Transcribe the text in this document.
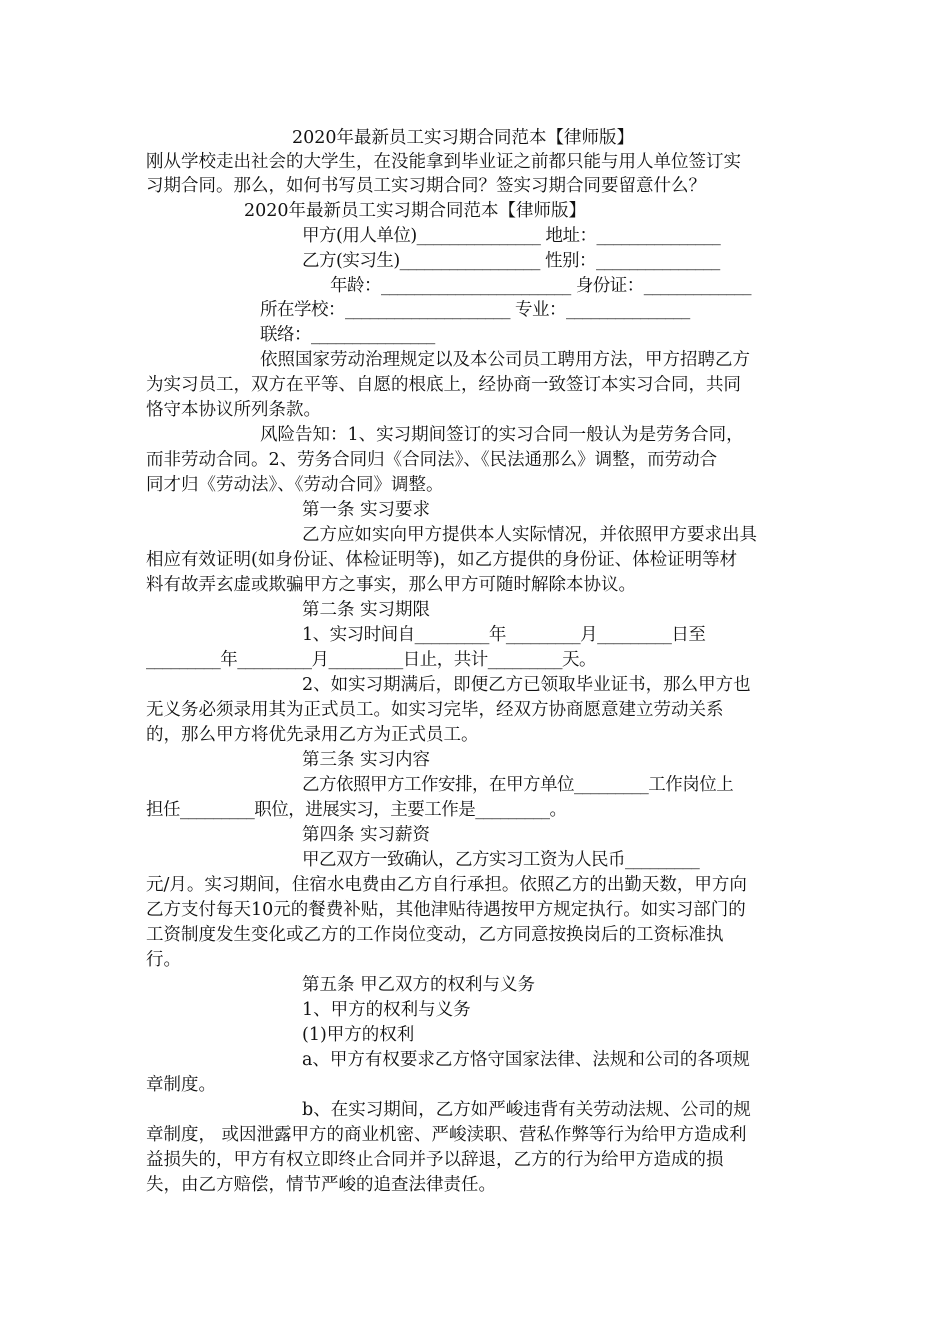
2020年最新员工实习期合同范本【律师版】
刚从学校走出社会的大学生，在没能拿到毕业证之前都只能与用人单位签订实
习期合同。那么，如何书写员工实习期合同？签实习期合同要留意什么？
2020年最新员工实习期合同范本【律师版】
甲方(用人单位)_______________ 地址：_______________
乙方(实习生)_________________ 性别：_______________
年龄：_______________________ 身份证：_____________
所在学校：____________________ 专业：_______________
联络：_______________
依照国家劳动治理规定以及本公司员工聘用方法，甲方招聘乙方
为实习员工，双方在平等、自愿的根底上，经协商一致签订本实习合同，共同
恪守本协议所列条款。
风险告知：1、实习期间签订的实习合同一般认为是劳务合同，
而非劳动合同。2、劳务合同归《合同法》、《民法通那么》调整，而劳动合
同才归《劳动法》、《劳动合同》调整。
第一条 实习要求
乙方应如实向甲方提供本人实际情况，并依照甲方要求出具
相应有效证明(如身份证、体检证明等)，如乙方提供的身份证、体检证明等材
料有故弄玄虚或欺骗甲方之事实，那么甲方可随时解除本协议。
第二条 实习期限
1、实习时间自_________年_________月_________日至
_________年_________月_________日止，共计_________天。
2、如实习期满后，即便乙方已领取毕业证书，那么甲方也
无义务必须录用其为正式员工。如实习完毕，经双方协商愿意建立劳动关系
的，那么甲方将优先录用乙方为正式员工。
第三条 实习内容
乙方依照甲方工作安排，在甲方单位_________工作岗位上
担任_________职位，进展实习，主要工作是_________。
第四条 实习薪资
甲乙双方一致确认，乙方实习工资为人民币_________
元/月。实习期间，住宿水电费由乙方自行承担。依照乙方的出勤天数，甲方向
乙方支付每天10元的餐费补贴，其他津贴待遇按甲方规定执行。如实习部门的
工资制度发生变化或乙方的工作岗位变动，乙方同意按换岗后的工资标准执
行。
第五条 甲乙双方的权利与义务
1、甲方的权利与义务
(1)甲方的权利
a、甲方有权要求乙方恪守国家法律、法规和公司的各项规
章制度。
b、在实习期间，乙方如严峻违背有关劳动法规、公司的规
章制度， 或因泄露甲方的商业机密、严峻渎职、营私作弊等行为给甲方造成利
益损失的，甲方有权立即终止合同并予以辞退，乙方的行为给甲方造成的损
失，由乙方赔偿，情节严峻的追查法律责任。
